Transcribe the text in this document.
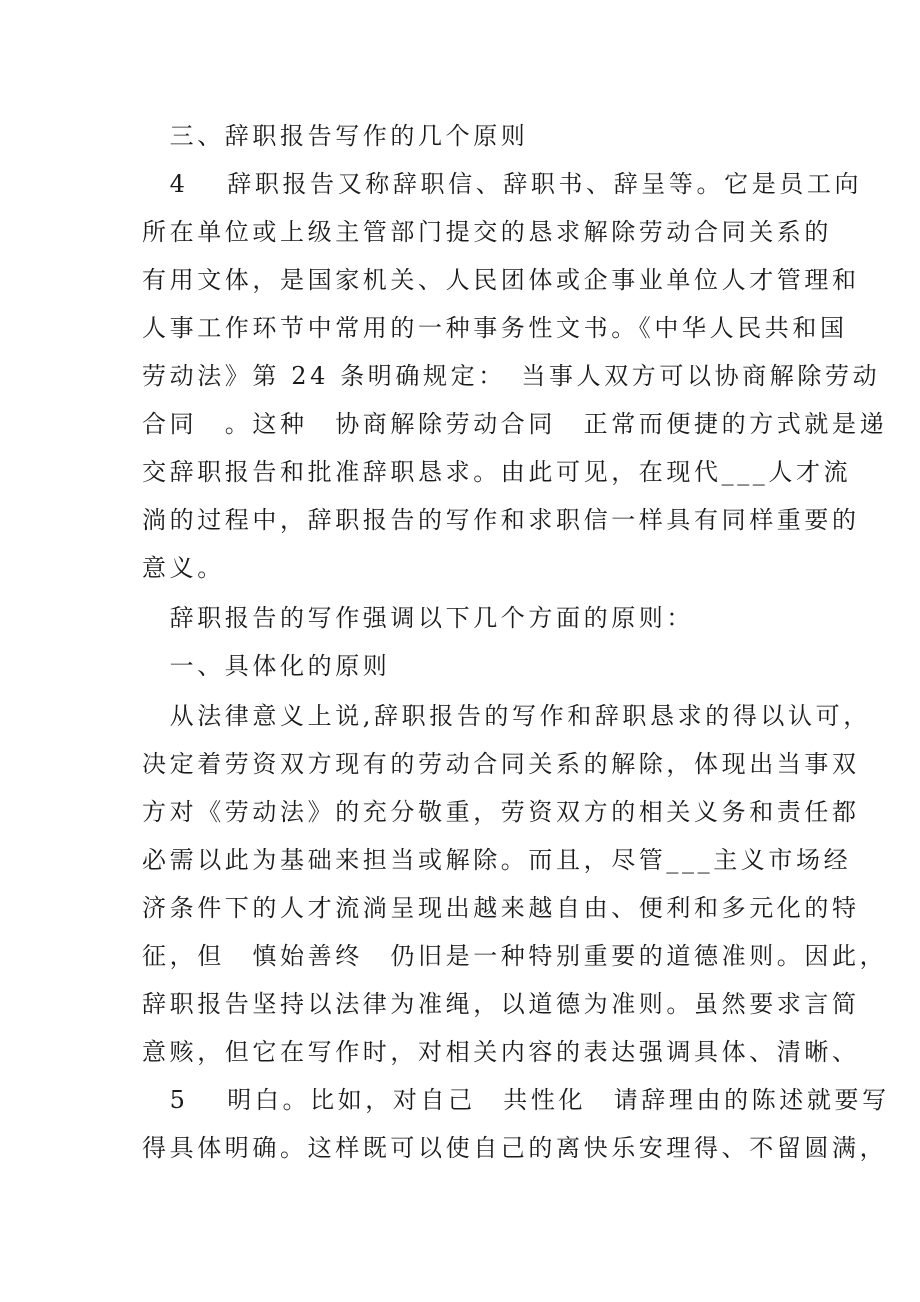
　三、辞职报告写作的几个原则
　4　 辞职报告又称辞职信、辞职书、辞呈等。它是员工向
所在单位或上级主管部门提交的恳求解除劳动合同关系的
有用文体，是国家机关、人民团体或企事业单位人才管理和
人事工作环节中常用的一种事务性文书。《中华人民共和国
劳动法》第 24 条明确规定：　当事人双方可以协商解除劳动
合同　。这种　协商解除劳动合同　正常而便捷的方式就是递
交辞职报告和批准辞职恳求。由此可见，在现代___人才流
淌的过程中，辞职报告的写作和求职信一样具有同样重要的
意义。
　辞职报告的写作强调以下几个方面的原则：
　一、具体化的原则
　从法律意义上说,辞职报告的写作和辞职恳求的得以认可，
决定着劳资双方现有的劳动合同关系的解除，体现出当事双
方对《劳动法》的充分敬重，劳资双方的相关义务和责任都
必需以此为基础来担当或解除。而且，尽管___主义市场经
济条件下的人才流淌呈现出越来越自由、便利和多元化的特
征，但　慎始善终　仍旧是一种特别重要的道德准则。因此，
辞职报告坚持以法律为准绳，以道德为准则。虽然要求言简
意赅，但它在写作时，对相关内容的表达强调具体、清晰、
　5　 明白。比如，对自己　共性化　请辞理由的陈述就要写
得具体明确。这样既可以使自己的离快乐安理得、不留圆满，
